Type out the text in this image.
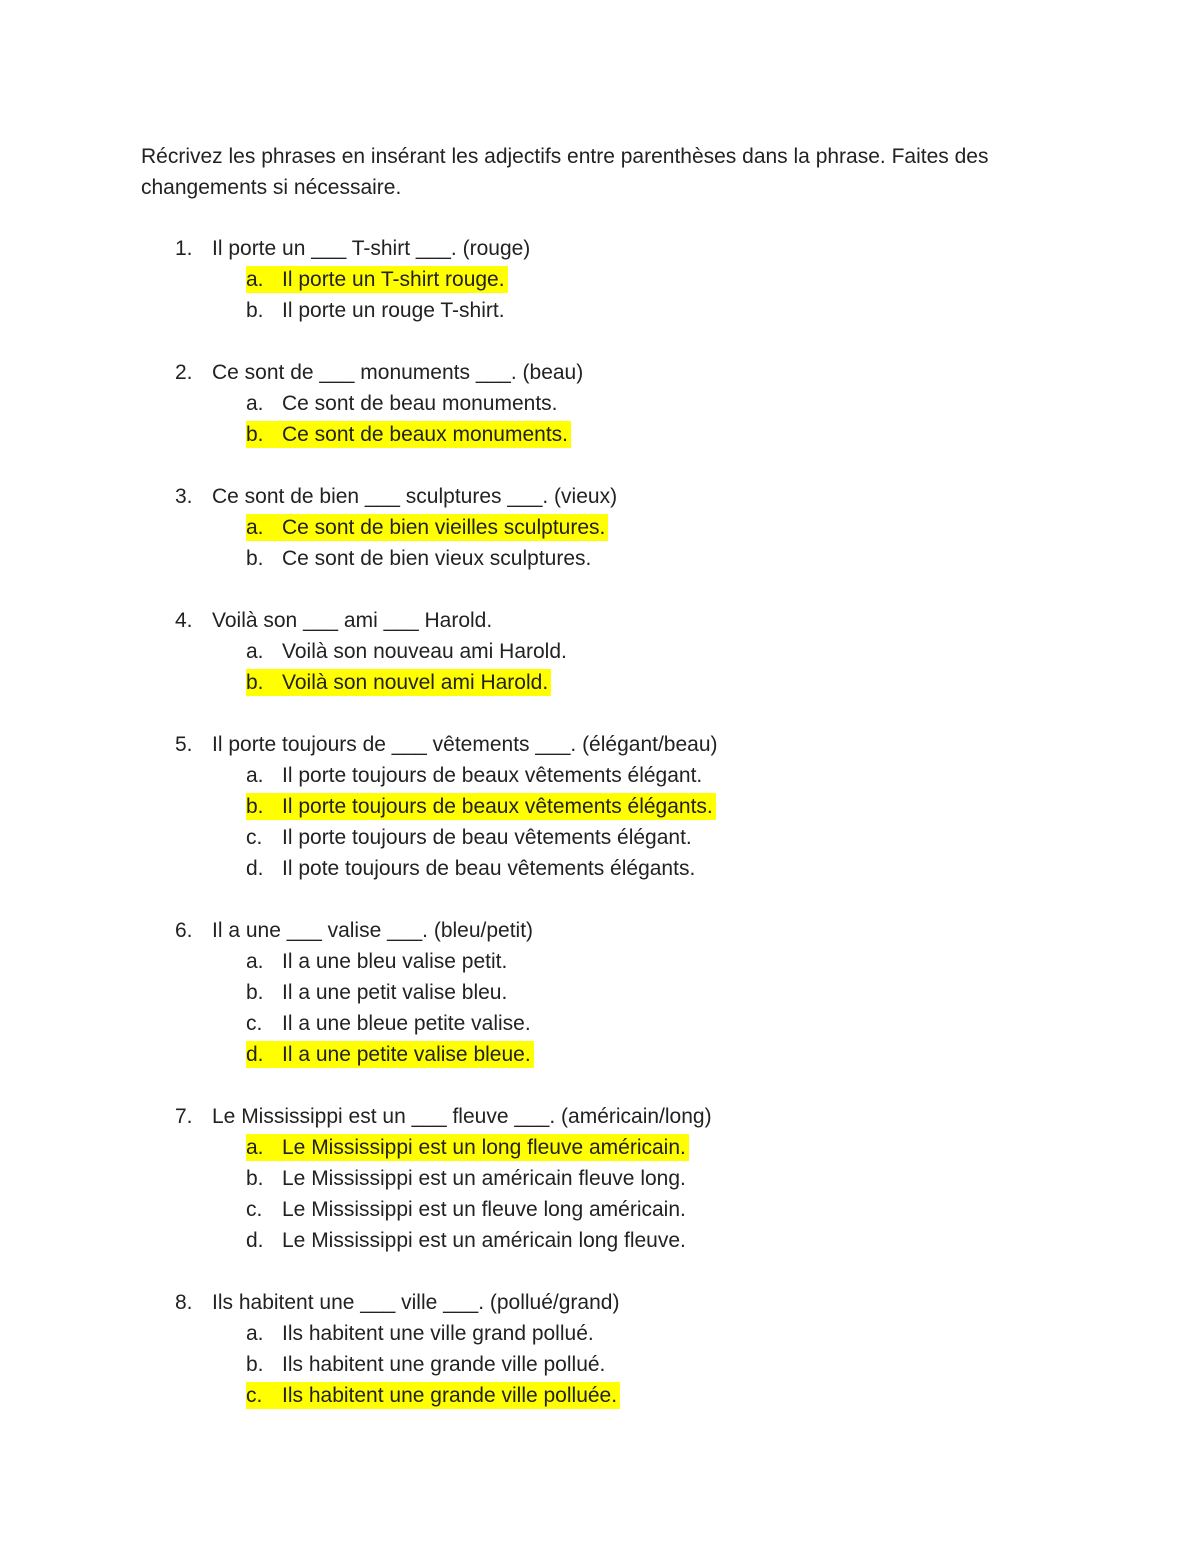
Récrivez les phrases en insérant les adjectifs entre parenthèses dans la phrase. Faites des changements si nécessaire.

1. Il porte un ___ T-shirt ___. (rouge)
a. Il porte un T-shirt rouge.
b. Il porte un rouge T-shirt.
2. Ce sont de ___ monuments ___. (beau)
a. Ce sont de beau monuments.
b. Ce sont de beaux monuments.
3. Ce sont de bien ___ sculptures ___. (vieux)
a. Ce sont de bien vieilles sculptures.
b. Ce sont de bien vieux sculptures.
4. Voilà son ___ ami ___ Harold.
a. Voilà son nouveau ami Harold.
b. Voilà son nouvel ami Harold.
5. Il porte toujours de ___ vêtements ___. (élégant/beau)
a. Il porte toujours de beaux vêtements élégant.
b. Il porte toujours de beaux vêtements élégants.
c. Il porte toujours de beau vêtements élégant.
d. Il pote toujours de beau vêtements élégants.
6. Il a une ___ valise ___. (bleu/petit)
a. Il a une bleu valise petit.
b. Il a une petit valise bleu.
c. Il a une bleue petite valise.
d. Il a une petite valise bleue.
7. Le Mississippi est un ___ fleuve ___. (américain/long)
a. Le Mississippi est un long fleuve américain.
b. Le Mississippi est un américain fleuve long.
c. Le Mississippi est un fleuve long américain.
d. Le Mississippi est un américain long fleuve.
8. Ils habitent une ___ ville ___. (pollué/grand)
a. Ils habitent une ville grand pollué.
b. Ils habitent une grande ville pollué.
c. Ils habitent une grande ville polluée.
